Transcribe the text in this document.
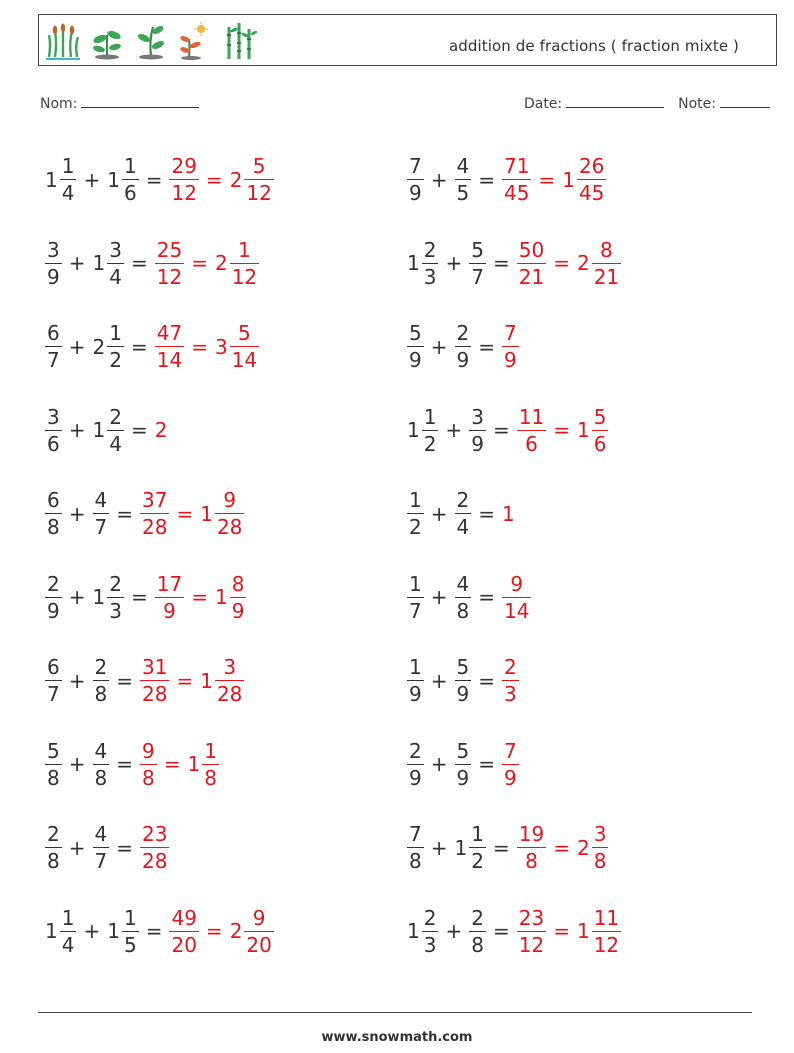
addition de fractions ( fraction mixte )
Nom:	Date:	Note:
$1 \frac{1}{4} + 1 \frac{1}{6} = \frac{29}{12} = 2 \frac{5}{12}$
$\frac{3}{9} + 1 \frac{3}{4} = \frac{25}{12} = 2 \frac{1}{12}$
$\frac{6}{7} + 2 \frac{1}{2} = \frac{47}{14} = 3 \frac{5}{14}$
$\frac{3}{6} + 1 \frac{2}{4} = 2$
$\frac{6}{8} + \frac{4}{7} = \frac{37}{28} = 1 \frac{9}{28}$
$\frac{2}{9} + 1 \frac{2}{3} = \frac{17}{9} = 1 \frac{8}{9}$
$\frac{6}{7} + \frac{2}{8} = \frac{31}{28} = 1 \frac{3}{28}$
$\frac{5}{8} + \frac{4}{8} = \frac{9}{8} = 1 \frac{1}{8}$
$\frac{2}{8} + \frac{4}{7} = \frac{23}{28}$
$1 \frac{1}{4} + 1 \frac{1}{5} = \frac{49}{20} = 2 \frac{9}{20}$
$\frac{7}{9} + \frac{4}{5} = \frac{71}{45} = 1 \frac{26}{45}$
$1 \frac{2}{3} + \frac{5}{7} = \frac{50}{21} = 2 \frac{8}{21}$
$\frac{5}{9} + \frac{2}{9} = \frac{7}{9}$
$1 \frac{1}{2} + \frac{3}{9} = \frac{11}{6} = 1 \frac{5}{6}$
$\frac{1}{2} + \frac{2}{4} = 1$
$\frac{1}{7} + \frac{4}{8} = \frac{9}{14}$
$\frac{1}{9} + \frac{5}{9} = \frac{2}{3}$
$\frac{2}{9} + \frac{5}{9} = \frac{7}{9}$
$\frac{7}{8} + 1 \frac{1}{2} = \frac{19}{8} = 2 \frac{3}{8}$
$1 \frac{2}{3} + \frac{2}{8} = \frac{23}{12} = 1 \frac{11}{12}$
www.snowmath.com
